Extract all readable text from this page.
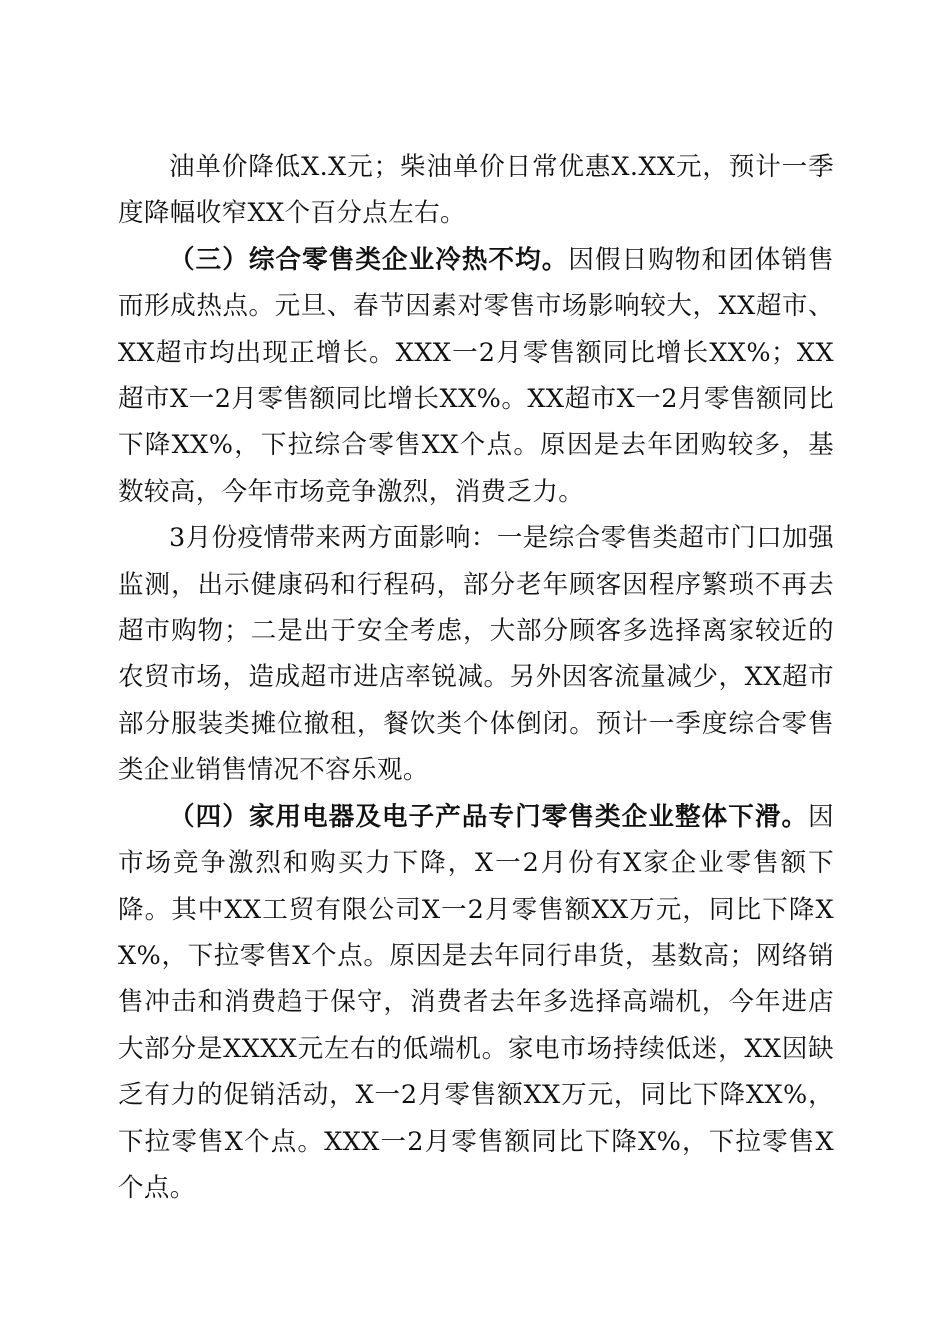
油单价降低X.X元；柴油单价日常优惠X.XX元，预计一季度降幅收窄XX个百分点左右。

（三）综合零售类企业冷热不均。因假日购物和团体销售而形成热点。元旦、春节因素对零售市场影响较大，XX超市、XX超市均出现正增长。XXX一2月零售额同比增长XX%；XX超市X一2月零售额同比增长XX%。XX超市X一2月零售额同比下降XX%，下拉综合零售XX个点。原因是去年团购较多，基数较高，今年市场竞争激烈，消费乏力。

3月份疫情带来两方面影响：一是综合零售类超市门口加强监测，出示健康码和行程码，部分老年顾客因程序繁琐不再去超市购物；二是出于安全考虑，大部分顾客多选择离家较近的农贸市场，造成超市进店率锐减。另外因客流量减少，XX超市部分服装类摊位撤租，餐饮类个体倒闭。预计一季度综合零售类企业销售情况不容乐观。

（四）家用电器及电子产品专门零售类企业整体下滑。因市场竞争激烈和购买力下降，X一2月份有X家企业零售额下降。其中XX工贸有限公司X一2月零售额XX万元，同比下降XX%，下拉零售X个点。原因是去年同行串货，基数高；网络销售冲击和消费趋于保守，消费者去年多选择高端机，今年进店大部分是XXXX元左右的低端机。家电市场持续低迷，XX因缺乏有力的促销活动，X一2月零售额XX万元，同比下降XX%，下拉零售X个点。XXX一2月零售额同比下降X%，下拉零售X个点。
